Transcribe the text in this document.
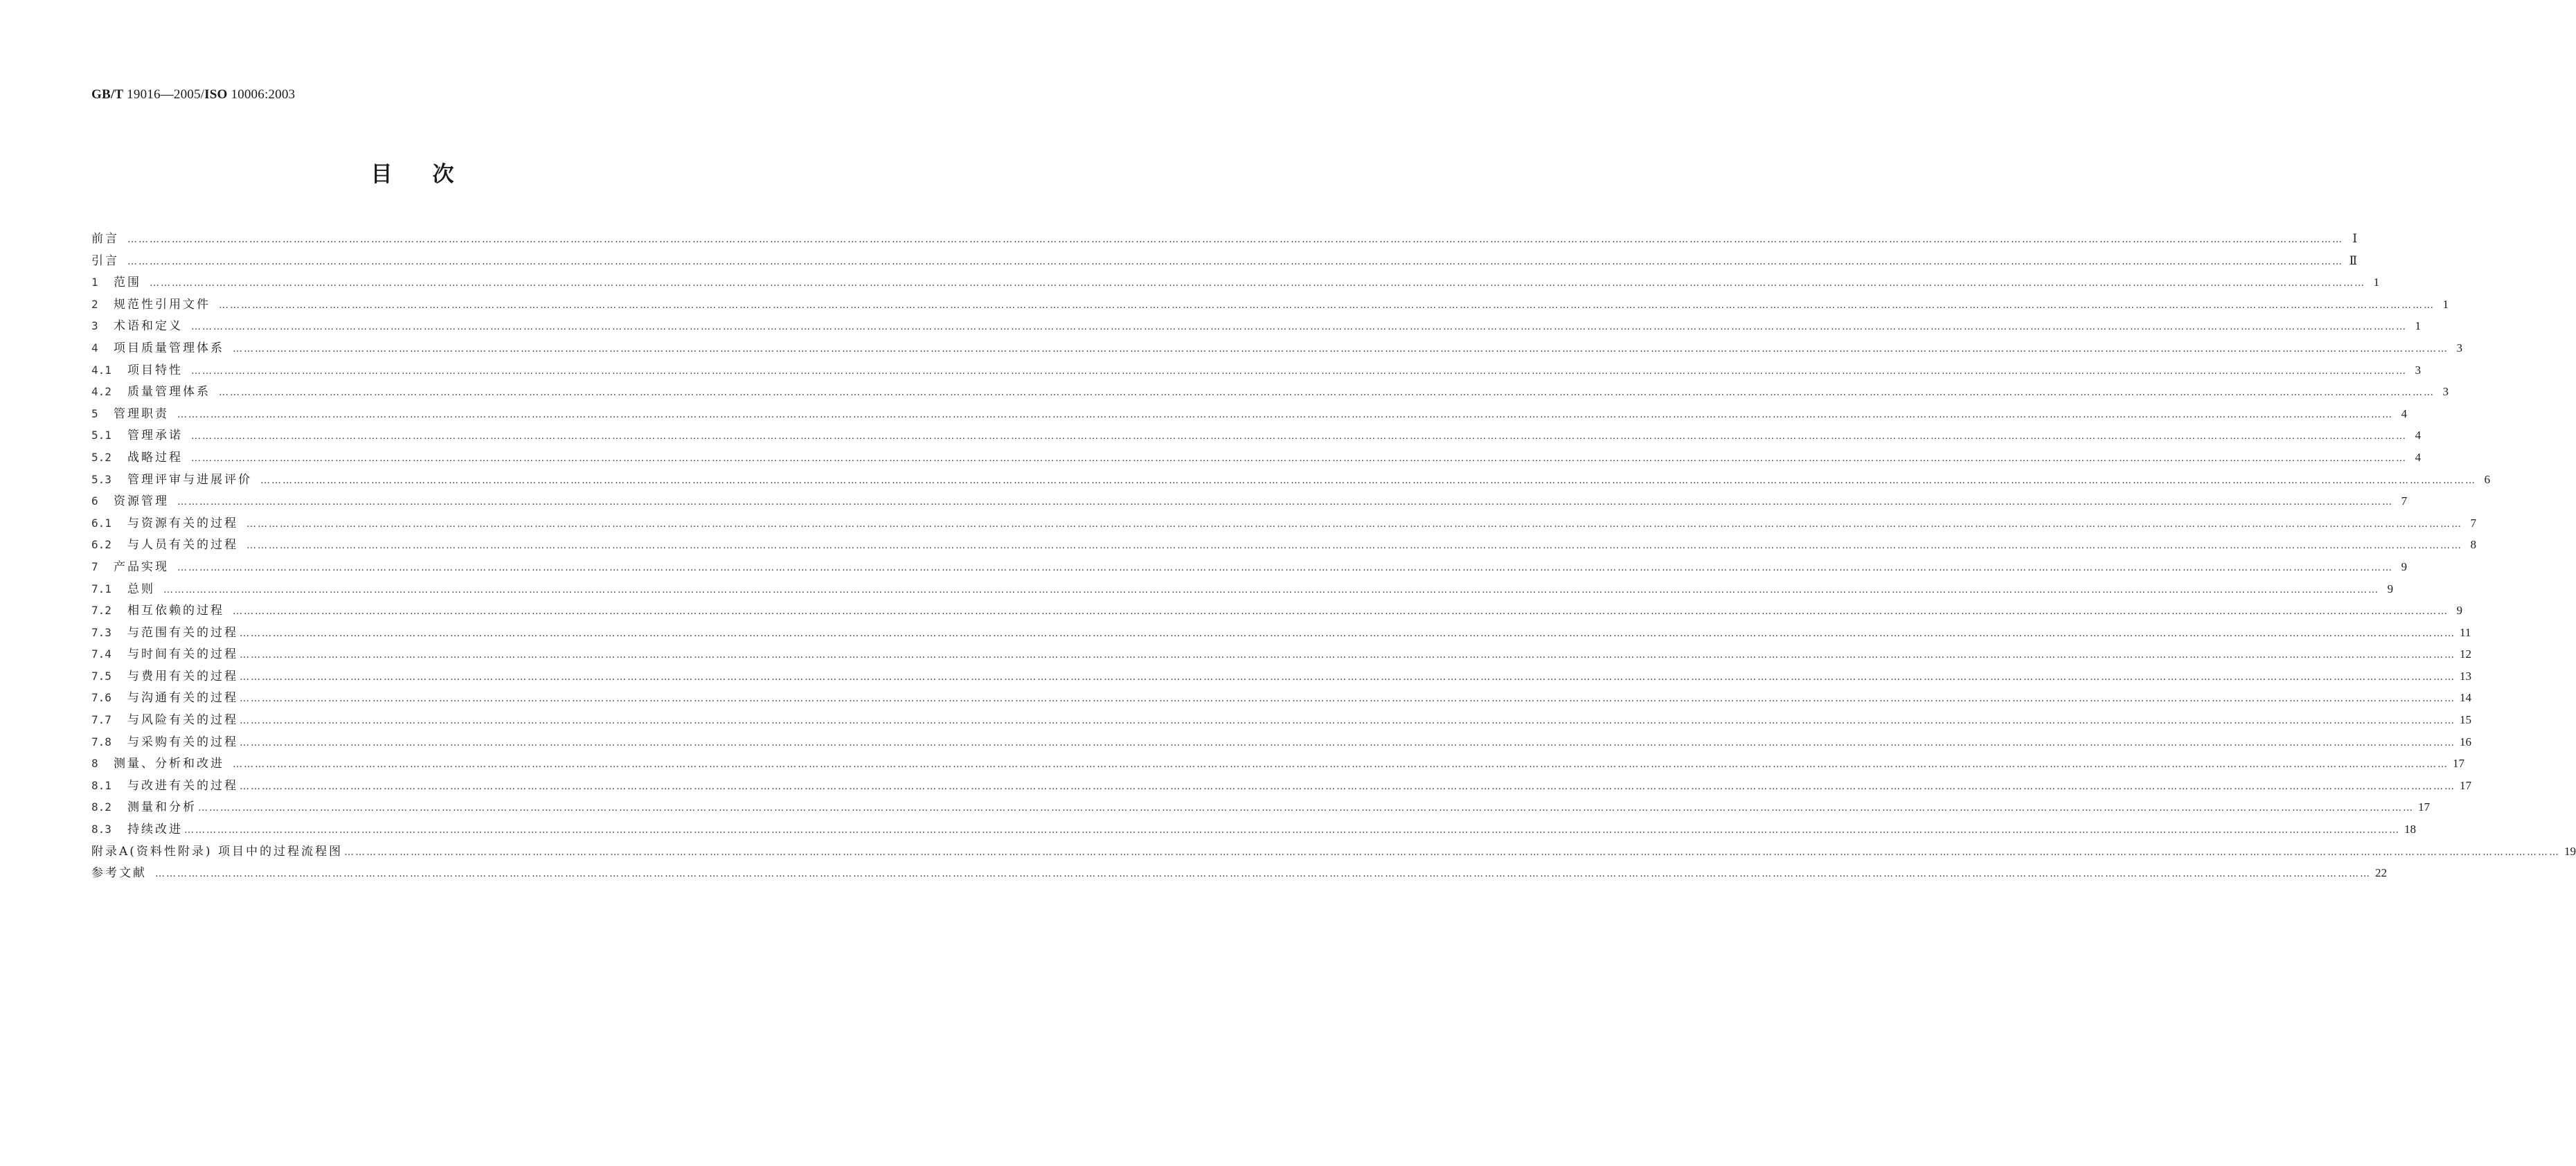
GB/T 19016—2005/ISO 10006:2003
目次
前言 …………………………………………………………………………………………………………………………………………………………………………………………………………………………………………………………………………………………………………………………………………………………………………………………………………………………………………………………………………………………………………………………………………………… Ⅰ
引言 …………………………………………………………………………………………………………………………………………………………………………………………………………………………………………………………………………………………………………………………………………………………………………………………………………………………………………………………………………………………………………………………………………………… Ⅱ
1	范围 …………………………………………………………………………………………………………………………………………………………………………………………………………………………………………………………………………………………………………………………………………………………………………………………………………………………………………………………………………………………………………………………………………………… 1
2	规范性引用文件 …………………………………………………………………………………………………………………………………………………………………………………………………………………………………………………………………………………………………………………………………………………………………………………………………………………………………………………………………………………………………………………………………………………… 1
3	术语和定义 …………………………………………………………………………………………………………………………………………………………………………………………………………………………………………………………………………………………………………………………………………………………………………………………………………………………………………………………………………………………………………………………………………………… 1
4	项目质量管理体系 …………………………………………………………………………………………………………………………………………………………………………………………………………………………………………………………………………………………………………………………………………………………………………………………………………………………………………………………………………………………………………………………………………………… 3
4.1	项目特性 …………………………………………………………………………………………………………………………………………………………………………………………………………………………………………………………………………………………………………………………………………………………………………………………………………………………………………………………………………………………………………………………………………………… 3
4.2	质量管理体系 …………………………………………………………………………………………………………………………………………………………………………………………………………………………………………………………………………………………………………………………………………………………………………………………………………………………………………………………………………………………………………………………………………………… 3
5	管理职责 …………………………………………………………………………………………………………………………………………………………………………………………………………………………………………………………………………………………………………………………………………………………………………………………………………………………………………………………………………………………………………………………………………………… 4
5.1	管理承诺 …………………………………………………………………………………………………………………………………………………………………………………………………………………………………………………………………………………………………………………………………………………………………………………………………………………………………………………………………………………………………………………………………………………… 4
5.2	战略过程 …………………………………………………………………………………………………………………………………………………………………………………………………………………………………………………………………………………………………………………………………………………………………………………………………………………………………………………………………………………………………………………………………………………… 4
5.3	管理评审与进展评价 …………………………………………………………………………………………………………………………………………………………………………………………………………………………………………………………………………………………………………………………………………………………………………………………………………………………………………………………………………………………………………………………………………………… 6
6	资源管理 …………………………………………………………………………………………………………………………………………………………………………………………………………………………………………………………………………………………………………………………………………………………………………………………………………………………………………………………………………………………………………………………………………………… 7
6.1	与资源有关的过程 …………………………………………………………………………………………………………………………………………………………………………………………………………………………………………………………………………………………………………………………………………………………………………………………………………………………………………………………………………………………………………………………………………………… 7
6.2	与人员有关的过程 …………………………………………………………………………………………………………………………………………………………………………………………………………………………………………………………………………………………………………………………………………………………………………………………………………………………………………………………………………………………………………………………………………………… 8
7	产品实现 …………………………………………………………………………………………………………………………………………………………………………………………………………………………………………………………………………………………………………………………………………………………………………………………………………………………………………………………………………………………………………………………………………………… 9
7.1	总则 …………………………………………………………………………………………………………………………………………………………………………………………………………………………………………………………………………………………………………………………………………………………………………………………………………………………………………………………………………………………………………………………………………………… 9
7.2	相互依赖的过程 …………………………………………………………………………………………………………………………………………………………………………………………………………………………………………………………………………………………………………………………………………………………………………………………………………………………………………………………………………………………………………………………………………………… 9
7.3	与范围有关的过程 …………………………………………………………………………………………………………………………………………………………………………………………………………………………………………………………………………………………………………………………………………………………………………………………………………………………………………………………………………………………………………………………………………………… 11
7.4	与时间有关的过程 …………………………………………………………………………………………………………………………………………………………………………………………………………………………………………………………………………………………………………………………………………………………………………………………………………………………………………………………………………………………………………………………………………………… 12
7.5	与费用有关的过程 …………………………………………………………………………………………………………………………………………………………………………………………………………………………………………………………………………………………………………………………………………………………………………………………………………………………………………………………………………………………………………………………………………………… 13
7.6	与沟通有关的过程 …………………………………………………………………………………………………………………………………………………………………………………………………………………………………………………………………………………………………………………………………………………………………………………………………………………………………………………………………………………………………………………………………………………… 14
7.7	与风险有关的过程 …………………………………………………………………………………………………………………………………………………………………………………………………………………………………………………………………………………………………………………………………………………………………………………………………………………………………………………………………………………………………………………………………………………… 15
7.8	与采购有关的过程 …………………………………………………………………………………………………………………………………………………………………………………………………………………………………………………………………………………………………………………………………………………………………………………………………………………………………………………………………………………………………………………………………………………… 16
8	测量、分析和改进 …………………………………………………………………………………………………………………………………………………………………………………………………………………………………………………………………………………………………………………………………………………………………………………………………………………………………………………………………………………………………………………………………………………… 17
8.1	与改进有关的过程 …………………………………………………………………………………………………………………………………………………………………………………………………………………………………………………………………………………………………………………………………………………………………………………………………………………………………………………………………………………………………………………………………………………… 17
8.2	测量和分析 …………………………………………………………………………………………………………………………………………………………………………………………………………………………………………………………………………………………………………………………………………………………………………………………………………………………………………………………………………………………………………………………………………………… 17
8.3	持续改进 …………………………………………………………………………………………………………………………………………………………………………………………………………………………………………………………………………………………………………………………………………………………………………………………………………………………………………………………………………………………………………………………………………………… 18
附录A(资料性附录) 项目中的过程流程图 …………………………………………………………………………………………………………………………………………………………………………………………………………………………………………………………………………………………………………………………………………………………………………………………………………………………………………………………………………………………………………………………………………………… 19
参考文献 …………………………………………………………………………………………………………………………………………………………………………………………………………………………………………………………………………………………………………………………………………………………………………………………………………………………………………………………………………………………………………………………………………………… 22
